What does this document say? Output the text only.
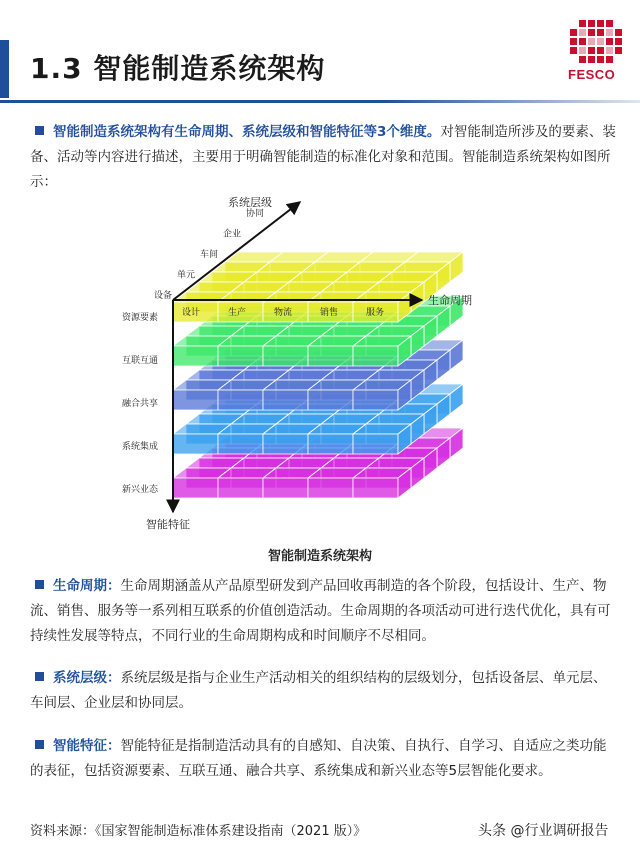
1.3 智能制造系统架构	FESCO
智能制造系统架构有生命周期、系统层级和智能特征等3个维度。对智能制造所涉及的要素、装备、活动等内容进行描述，主要用于明确智能制造的标准化对象和范围。智能制造系统架构如图所示：
系统层级
生命周期
智能特征
协同
企业
车间
单元
设备
设计	生产	物流	销售	服务
资源要素
互联互通
融合共享
系统集成
新兴业态
智能制造系统架构
生命周期：生命周期涵盖从产品原型研发到产品回收再制造的各个阶段，包括设计、生产、物流、销售、服务等一系列相互联系的价值创造活动。生命周期的各项活动可进行迭代优化，具有可持续性发展等特点，不同行业的生命周期构成和时间顺序不尽相同。
系统层级：系统层级是指与企业生产活动相关的组织结构的层级划分，包括设备层、单元层、车间层、企业层和协同层。
智能特征：智能特征是指制造活动具有的自感知、自决策、自执行、自学习、自适应之类功能的表征，包括资源要素、互联互通、融合共享、系统集成和新兴业态等5层智能化要求。
资料来源：《国家智能制造标准体系建设指南（2021 版）》	头条 @行业调研报告
